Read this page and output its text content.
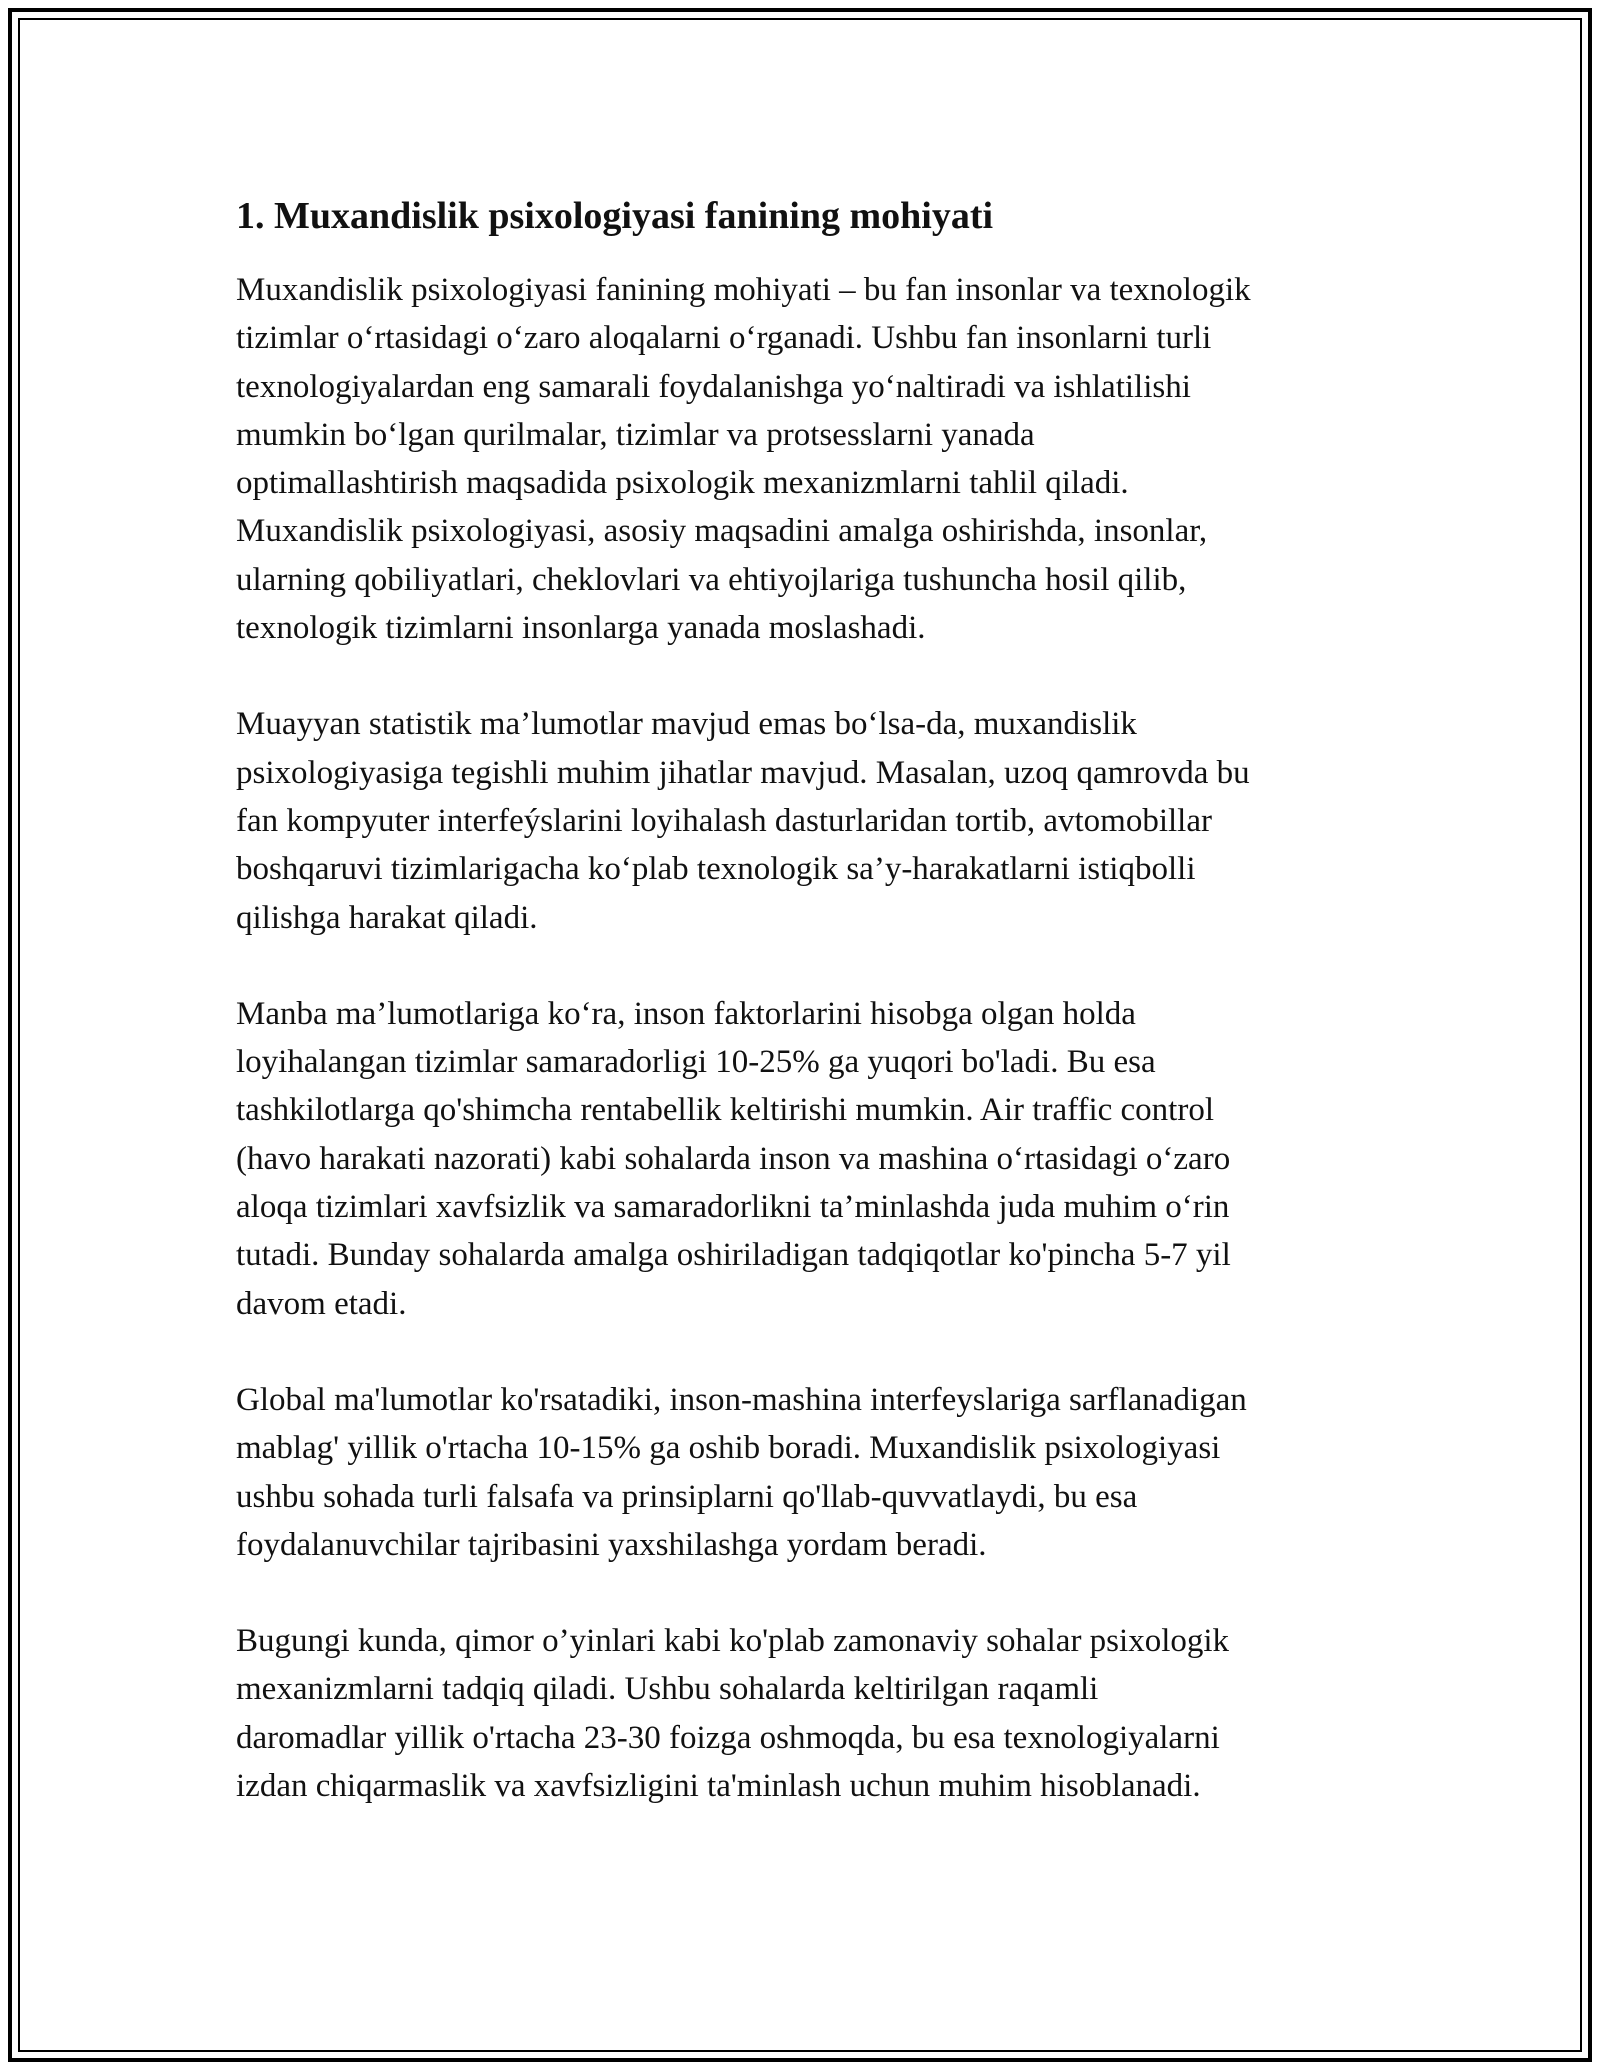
1. Muxandislik psixologiyasi fanining mohiyati

Muxandislik psixologiyasi fanining mohiyati – bu fan insonlar va texnologik
tizimlar o‘rtasidagi o‘zaro aloqalarni o‘rganadi. Ushbu fan insonlarni turli
texnologiyalardan eng samarali foydalanishga yo‘naltiradi va ishlatilishi
mumkin bo‘lgan qurilmalar, tizimlar va protsesslarni yanada
optimallashtirish maqsadida psixologik mexanizmlarni tahlil qiladi.
Muxandislik psixologiyasi, asosiy maqsadini amalga oshirishda, insonlar,
ularning qobiliyatlari, cheklovlari va ehtiyojlariga tushuncha hosil qilib,
texnologik tizimlarni insonlarga yanada moslashadi.

Muayyan statistik ma’lumotlar mavjud emas bo‘lsa-da, muxandislik
psixologiyasiga tegishli muhim jihatlar mavjud. Masalan, uzoq qamrovda bu
fan kompyuter interfeýslarini loyihalash dasturlaridan tortib, avtomobillar
boshqaruvi tizimlarigacha ko‘plab texnologik sa’y-harakatlarni istiqbolli
qilishga harakat qiladi.

Manba ma’lumotlariga ko‘ra, inson faktorlarini hisobga olgan holda
loyihalangan tizimlar samaradorligi 10-25% ga yuqori bo'ladi. Bu esa
tashkilotlarga qo'shimcha rentabellik keltirishi mumkin. Air traffic control
(havo harakati nazorati) kabi sohalarda inson va mashina o‘rtasidagi o‘zaro
aloqa tizimlari xavfsizlik va samaradorlikni ta’minlashda juda muhim o‘rin
tutadi. Bunday sohalarda amalga oshiriladigan tadqiqotlar ko'pincha 5-7 yil
davom etadi.

Global ma'lumotlar ko'rsatadiki, inson-mashina interfeyslariga sarflanadigan
mablag' yillik o'rtacha 10-15% ga oshib boradi. Muxandislik psixologiyasi
ushbu sohada turli falsafa va prinsiplarni qo'llab-quvvatlaydi, bu esa
foydalanuvchilar tajribasini yaxshilashga yordam beradi.

Bugungi kunda, qimor o’yinlari kabi ko'plab zamonaviy sohalar psixologik
mexanizmlarni tadqiq qiladi. Ushbu sohalarda keltirilgan raqamli
daromadlar yillik o'rtacha 23-30 foizga oshmoqda, bu esa texnologiyalarni
izdan chiqarmaslik va xavfsizligini ta'minlash uchun muhim hisoblanadi.
